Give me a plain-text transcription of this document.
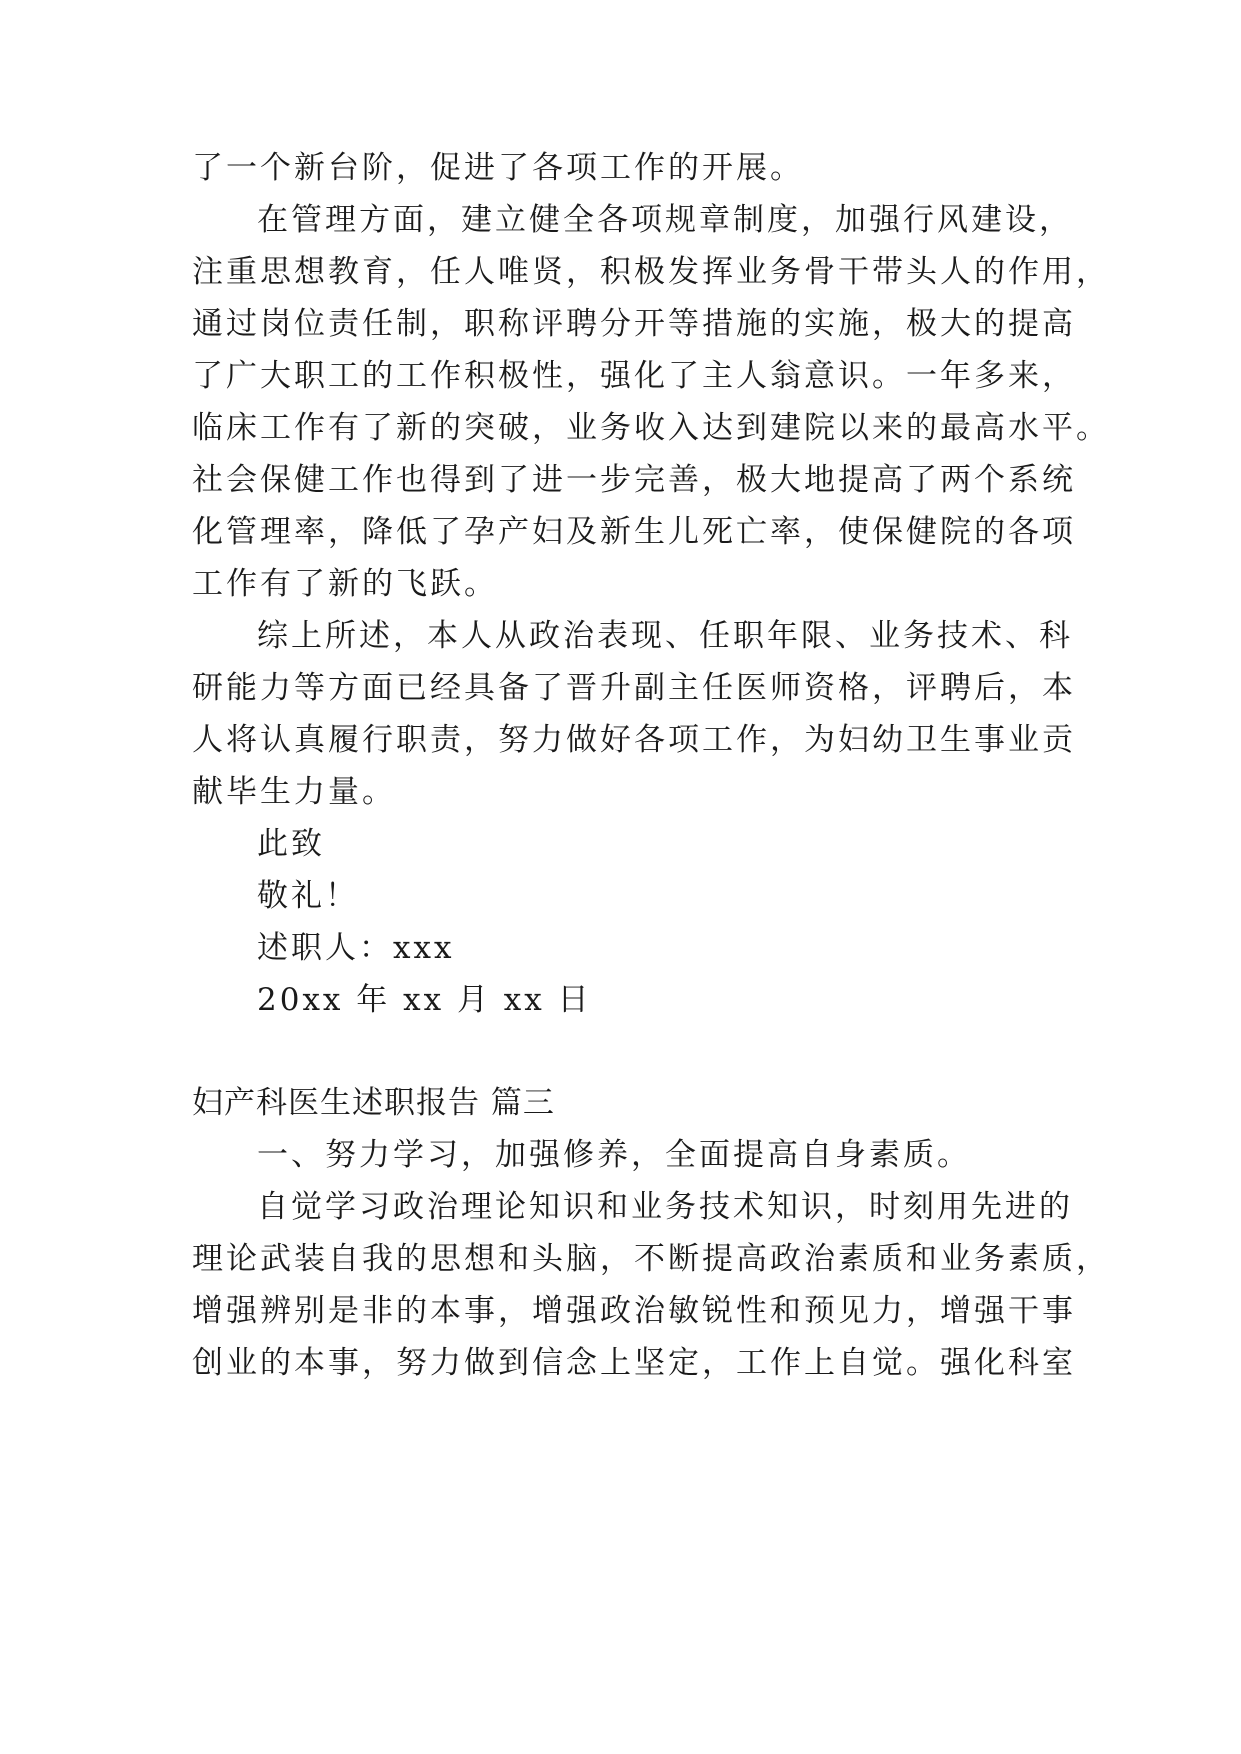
了一个新台阶，促进了各项工作的开展。
在管理方面，建立健全各项规章制度，加强行风建设，
注重思想教育，任人唯贤，积极发挥业务骨干带头人的作用，
通过岗位责任制，职称评聘分开等措施的实施，极大的提高
了广大职工的工作积极性，强化了主人翁意识。一年多来，
临床工作有了新的突破，业务收入达到建院以来的最高水平。
社会保健工作也得到了进一步完善，极大地提高了两个系统
化管理率，降低了孕产妇及新生儿死亡率，使保健院的各项
工作有了新的飞跃。
综上所述，本人从政治表现、任职年限、业务技术、科
研能力等方面已经具备了晋升副主任医师资格，评聘后，本
人将认真履行职责，努力做好各项工作，为妇幼卫生事业贡
献毕生力量。
此致
敬礼！
述职人：xxx
20xx 年 xx 月 xx 日
妇产科医生述职报告 篇三
一、努力学习，加强修养，全面提高自身素质。
自觉学习政治理论知识和业务技术知识，时刻用先进的
理论武装自我的思想和头脑，不断提高政治素质和业务素质，
增强辨别是非的本事，增强政治敏锐性和预见力，增强干事
创业的本事，努力做到信念上坚定，工作上自觉。强化科室
